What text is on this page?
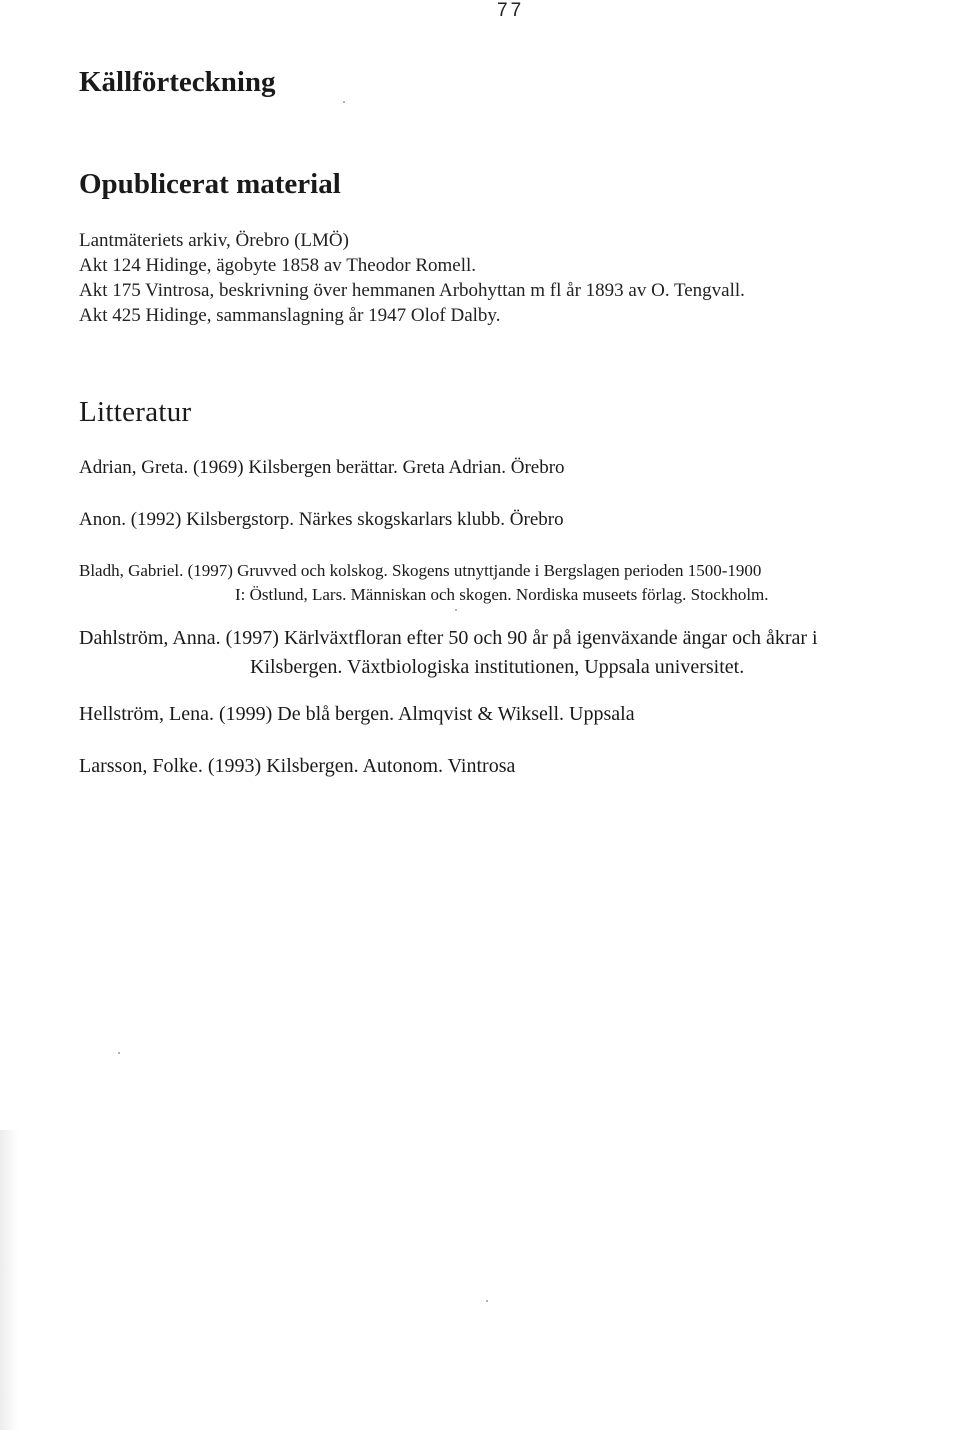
77
Källförteckning
Opublicerat material
Lantmäteriets arkiv, Örebro (LMÖ)
Akt 124 Hidinge, ägobyte 1858 av Theodor Romell.
Akt 175 Vintrosa, beskrivning över hemmanen Arbohyttan m fl år 1893 av O. Tengvall.
Akt 425 Hidinge, sammanslagning år 1947 Olof Dalby.
Litteratur
Adrian, Greta. (1969) Kilsbergen berättar. Greta Adrian. Örebro
Anon. (1992) Kilsbergstorp. Närkes skogskarlars klubb. Örebro
Bladh, Gabriel. (1997) Gruvved och kolskog. Skogens utnyttjande i Bergslagen perioden 1500-1900
I: Östlund, Lars. Människan och skogen. Nordiska museets förlag. Stockholm.
Dahlström, Anna. (1997) Kärlväxtfloran efter 50 och 90 år på igenväxande ängar och åkrar i
Kilsbergen. Växtbiologiska institutionen, Uppsala universitet.
Hellström, Lena. (1999) De blå bergen. Almqvist & Wiksell. Uppsala
Larsson, Folke. (1993) Kilsbergen. Autonom. Vintrosa
